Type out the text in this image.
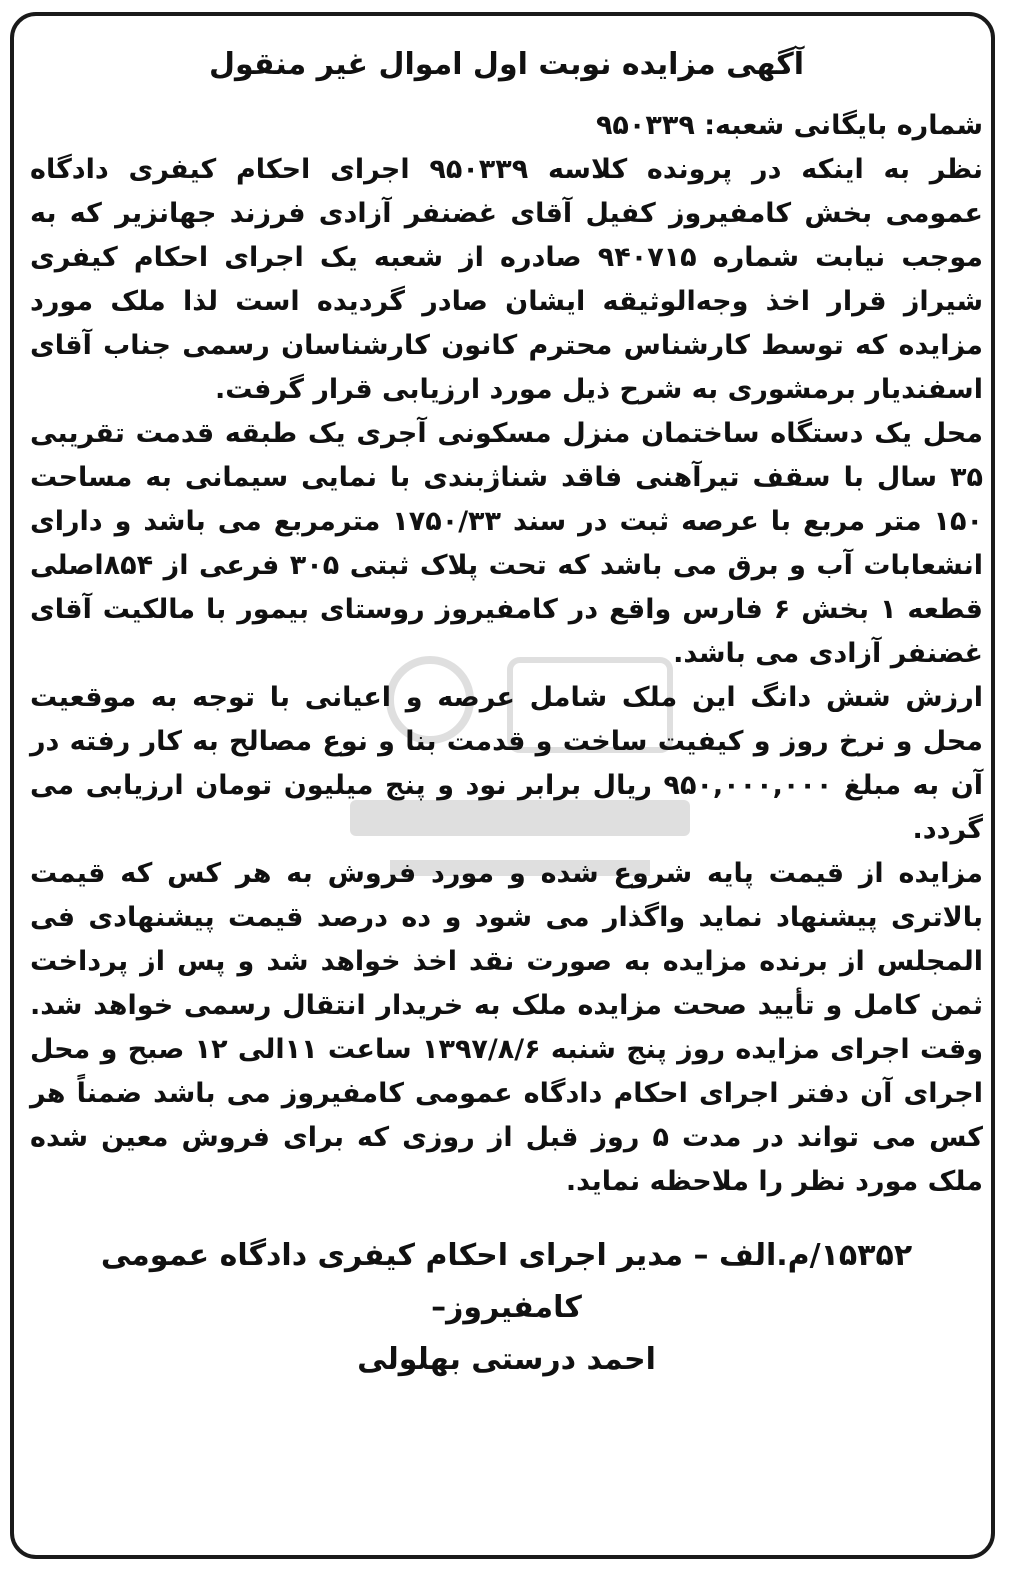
آگهی مزایده نوبت اول اموال غیر منقول

شماره بایگانی شعبه: ۹۵۰۳۳۹

نظر به اینکه در پرونده کلاسه ۹۵۰۳۳۹ اجرای احکام کیفری دادگاه عمومی بخش کامفیروز کفیل آقای غضنفر آزادی فرزند جهانزیر که به موجب نیابت شماره ۹۴۰۷۱۵ صادره از شعبه یک اجرای احکام کیفری شیراز قرار اخذ وجه‌الوثیقه ایشان صادر گردیده است لذا ملک مورد مزایده که توسط کارشناس محترم کانون کارشناسان رسمی جناب آقای اسفندیار برمشوری به شرح ذیل مورد ارزیابی قرار گرفت.

محل یک دستگاه ساختمان منزل مسکونی آجری یک طبقه قدمت تقریبی ۳۵ سال با سقف تیرآهنی فاقد شناژبندی با نمایی سیمانی به مساحت ۱۵۰ متر مربع با عرصه ثبت در سند ۱۷۵۰/۳۳ مترمربع می باشد و دارای انشعابات آب و برق می باشد که تحت پلاک ثبتی ۳۰۵ فرعی از ۸۵۴اصلی قطعه ۱ بخش ۶ فارس واقع در کامفیروز روستای بیمور با مالکیت آقای غضنفر آزادی می باشد.

ارزش شش دانگ این ملک شامل عرصه و اعیانی با توجه به موقعیت محل و نرخ روز و کیفیت ساخت و قدمت بنا و نوع مصالح به کار رفته در آن به مبلغ ۹۵۰,۰۰۰,۰۰۰ ریال برابر نود و پنج میلیون تومان ارزیابی می گردد.

مزایده از قیمت پایه شروع شده و مورد فروش به هر کس که قیمت بالاتری پیشنهاد نماید واگذار می شود و ده درصد قیمت پیشنهادی فی المجلس از برنده مزایده به صورت نقد اخذ خواهد شد و پس از پرداخت ثمن کامل و تأیید صحت مزایده ملک به خریدار انتقال رسمی خواهد شد. وقت اجرای مزایده روز پنج شنبه ۱۳۹۷/۸/۶ ساعت ۱۱الی ۱۲ صبح و محل اجرای آن دفتر اجرای احکام دادگاه عمومی کامفیروز می باشد ضمناً هر کس می تواند در مدت ۵ روز قبل از روزی که برای فروش معین شده ملک مورد نظر را ملاحظه نماید.

۱۵۳۵۲/م.الف – مدیر اجرای احکام کیفری دادگاه عمومی کامفیروز–
احمد درستی بهلولی
